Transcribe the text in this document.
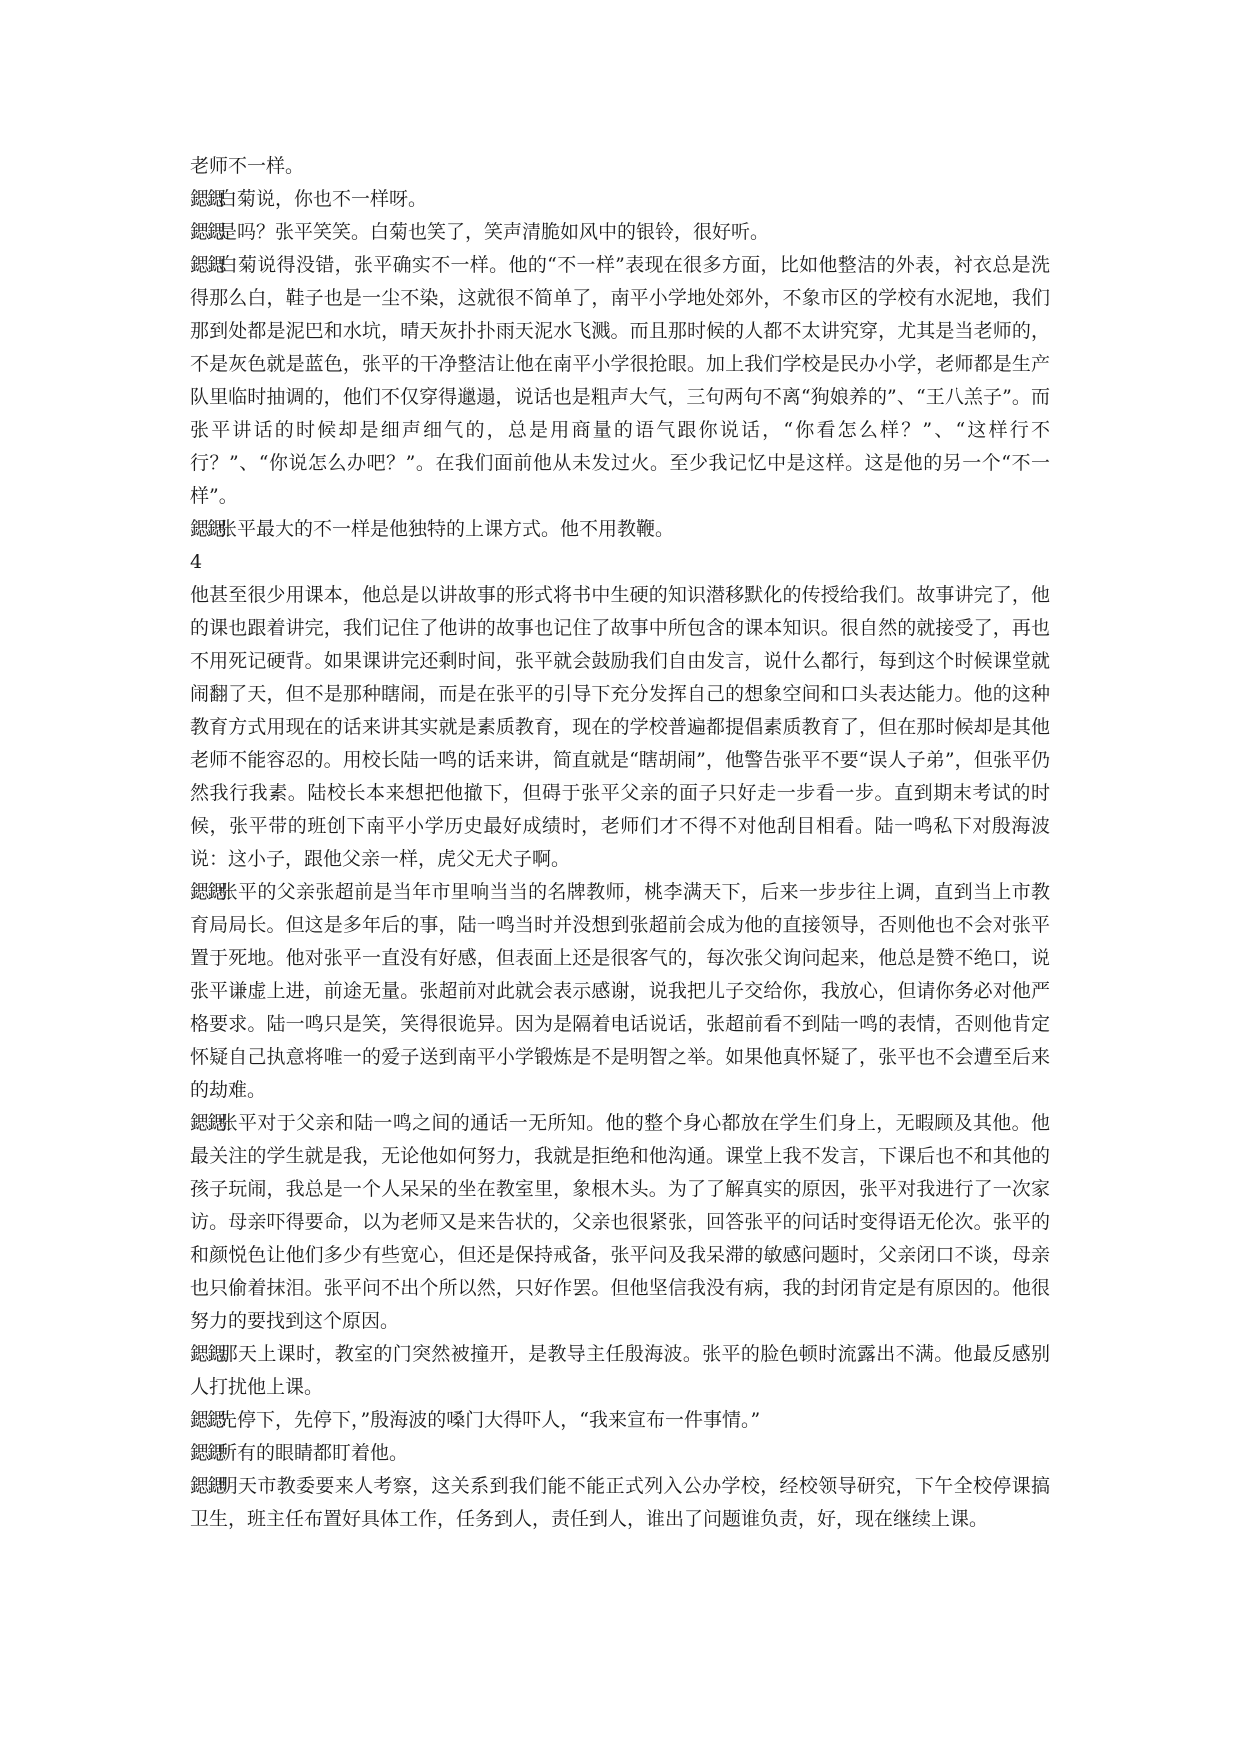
老师不一样。

鍶鍶白菊说，你也不一样呀。

鍶鍶是吗？张平笑笑。白菊也笑了，笑声清脆如风中的银铃，很好听。

鍶鍶白菊说得没错，张平确实不一样。他的“不一样”表现在很多方面，比如他整洁的外表，衬衣总是洗得那么白，鞋子也是一尘不染，这就很不简单了，南平小学地处郊外，不象市区的学校有水泥地，我们那到处都是泥巴和水坑，晴天灰扑扑雨天泥水飞溅。而且那时候的人都不太讲究穿，尤其是当老师的，不是灰色就是蓝色，张平的干净整洁让他在南平小学很抢眼。加上我们学校是民办小学，老师都是生产队里临时抽调的，他们不仅穿得邋遢，说话也是粗声大气，三句两句不离“狗娘养的”、“王八羔子”。而张平讲话的时候却是细声细气的，总是用商量的语气跟你说话，“你看怎么样？”、“这样行不行？”、“你说怎么办吧？”。在我们面前他从未发过火。至少我记忆中是这样。这是他的另一个“不一样”。

鍶鍶张平最大的不一样是他独特的上课方式。他不用教鞭。

4

他甚至很少用课本，他总是以讲故事的形式将书中生硬的知识潜移默化的传授给我们。故事讲完了，他的课也跟着讲完，我们记住了他讲的故事也记住了故事中所包含的课本知识。很自然的就接受了，再也不用死记硬背。如果课讲完还剩时间，张平就会鼓励我们自由发言，说什么都行，每到这个时候课堂就闹翻了天，但不是那种瞎闹，而是在张平的引导下充分发挥自己的想象空间和口头表达能力。他的这种教育方式用现在的话来讲其实就是素质教育，现在的学校普遍都提倡素质教育了，但在那时候却是其他老师不能容忍的。用校长陆一鸣的话来讲，简直就是“瞎胡闹”，他警告张平不要“误人子弟”，但张平仍然我行我素。陆校长本来想把他撤下，但碍于张平父亲的面子只好走一步看一步。直到期末考试的时候，张平带的班创下南平小学历史最好成绩时，老师们才不得不对他刮目相看。陆一鸣私下对殷海波说：这小子，跟他父亲一样，虎父无犬子啊。

鍶鍶张平的父亲张超前是当年市里响当当的名牌教师，桃李满天下，后来一步步往上调，直到当上市教育局局长。但这是多年后的事，陆一鸣当时并没想到张超前会成为他的直接领导，否则他也不会对张平置于死地。他对张平一直没有好感，但表面上还是很客气的，每次张父询问起来，他总是赞不绝口，说张平谦虚上进，前途无量。张超前对此就会表示感谢，说我把儿子交给你，我放心，但请你务必对他严格要求。陆一鸣只是笑，笑得很诡异。因为是隔着电话说话，张超前看不到陆一鸣的表情，否则他肯定怀疑自己执意将唯一的爱子送到南平小学锻炼是不是明智之举。如果他真怀疑了，张平也不会遭至后来的劫难。

鍶鍶张平对于父亲和陆一鸣之间的通话一无所知。他的整个身心都放在学生们身上，无暇顾及其他。他最关注的学生就是我，无论他如何努力，我就是拒绝和他沟通。课堂上我不发言，下课后也不和其他的孩子玩闹，我总是一个人呆呆的坐在教室里，象根木头。为了了解真实的原因，张平对我进行了一次家访。母亲吓得要命，以为老师又是来告状的，父亲也很紧张，回答张平的问话时变得语无伦次。张平的和颜悦色让他们多少有些宽心，但还是保持戒备，张平问及我呆滞的敏感问题时，父亲闭口不谈，母亲也只偷着抹泪。张平问不出个所以然，只好作罢。但他坚信我没有病，我的封闭肯定是有原因的。他很努力的要找到这个原因。

鍶鍶那天上课时，教室的门突然被撞开，是教导主任殷海波。张平的脸色顿时流露出不满。他最反感别人打扰他上课。

鍶鍶先停下，先停下，”殷海波的嗓门大得吓人，“我来宣布一件事情。”

鍶鍶所有的眼睛都盯着他。

鍶鍶明天市教委要来人考察，这关系到我们能不能正式列入公办学校，经校领导研究，下午全校停课搞卫生，班主任布置好具体工作，任务到人，责任到人，谁出了问题谁负责，好，现在继续上课。
